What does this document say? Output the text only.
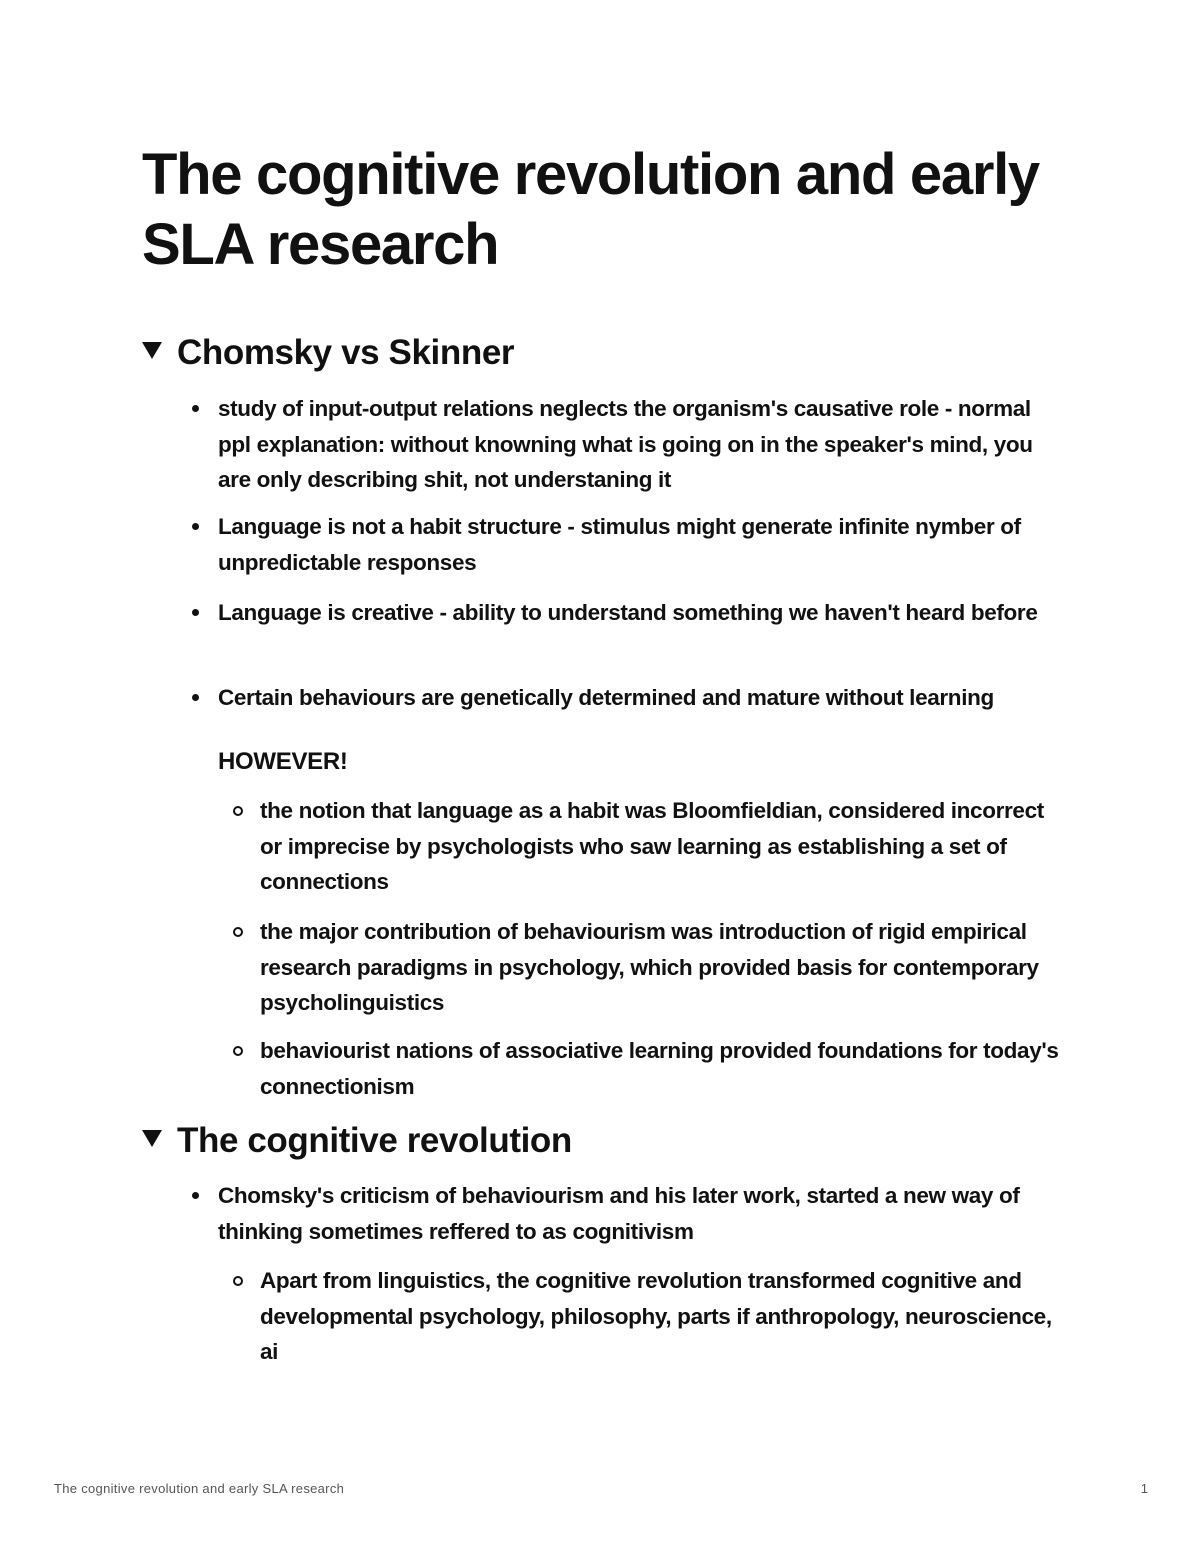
The cognitive revolution and early SLA research
Chomsky vs Skinner
study of input-output relations neglects the organism's causative role - normal ppl explanation: without knowning what is going on in the speaker's mind, you are only describing shit, not understaning it
Language is not a habit structure - stimulus might generate infinite nymber of unpredictable responses
Language is creative - ability to understand something we haven't heard before
Certain behaviours are genetically determined and mature without learning
HOWEVER!
the notion that language as a habit was Bloomfieldian, considered incorrect or imprecise by psychologists who saw learning as establishing a set of connections
the major contribution of behaviourism was introduction of rigid empirical research paradigms in psychology, which provided basis for contemporary psycholinguistics
behaviourist nations of associative learning provided foundations for today's connectionism
The cognitive revolution
Chomsky's criticism of behaviourism and his later work, started a new way of thinking sometimes reffered to as cognitivism
Apart from linguistics, the cognitive revolution transformed cognitive and developmental psychology, philosophy, parts if anthropology, neuroscience, ai
The cognitive revolution and early SLA research	1
